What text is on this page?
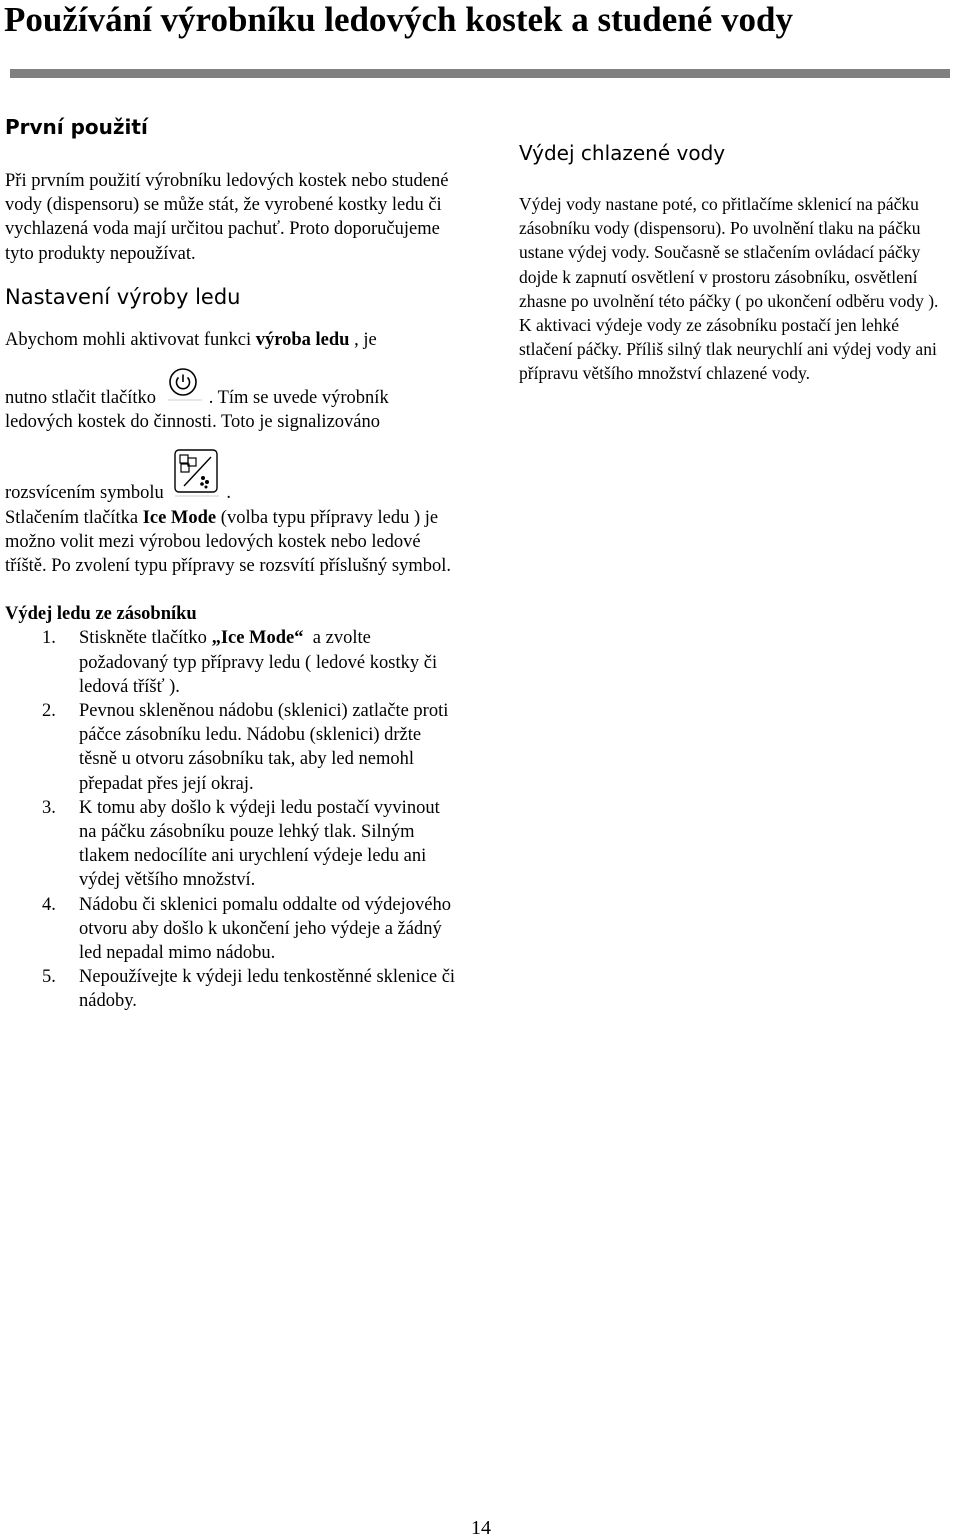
Používání výrobníku ledových kostek a studené vody
První použití

Při prvním použití výrobníku ledových kostek nebo studené vody (dispensoru) se může stát, že vyrobené kostky ledu či vychlazená voda mají určitou pachuť. Proto doporučujeme tyto produkty nepoužívat.

Nastavení výroby ledu

Abychom mohli aktivovat funkci výroba ledu , je

nutno stlačit tlačítko	. Tím se uvede výrobník

ledových kostek do činnosti. Toto je signalizováno

rozsvícením symbolu	.

Stlačením tlačítka Ice Mode (volba typu přípravy ledu ) je možno volit mezi výrobou ledových kostek nebo ledové tříště. Po zvolení typu přípravy se rozsvítí příslušný symbol.

Výdej ledu ze zásobníku
1. Stiskněte tlačítko „Ice Mode“  a zvolte požadovaný typ přípravy ledu ( ledové kostky či ledová tříšť ).
2. Pevnou skleněnou nádobu (sklenici) zatlačte proti páčce zásobníku ledu. Nádobu (sklenici) držte těsně u otvoru zásobníku tak, aby led nemohl přepadat přes její okraj.
3. K tomu aby došlo k výdeji ledu postačí vyvinout na páčku zásobníku pouze lehký tlak. Silným tlakem nedocílíte ani urychlení výdeje ledu ani výdej většího množství.
4. Nádobu či sklenici pomalu oddalte od výdejového otvoru aby došlo k ukončení jeho výdeje a žádný led nepadal mimo nádobu.
5. Nepoužívejte k výdeji ledu tenkostěnné sklenice či nádoby.
Výdej chlazené vody

Výdej vody nastane poté, co přitlačíme sklenicí na páčku zásobníku vody (dispensoru). Po uvolnění tlaku na páčku ustane výdej vody. Současně se stlačením ovládací páčky dojde k zapnutí osvětlení v prostoru zásobníku, osvětlení zhasne po uvolnění této páčky ( po ukončení odběru vody ).

K aktivaci výdeje vody ze zásobníku postačí jen lehké stlačení páčky. Příliš silný tlak neurychlí ani výdej vody ani přípravu většího množství chlazené vody.

14
